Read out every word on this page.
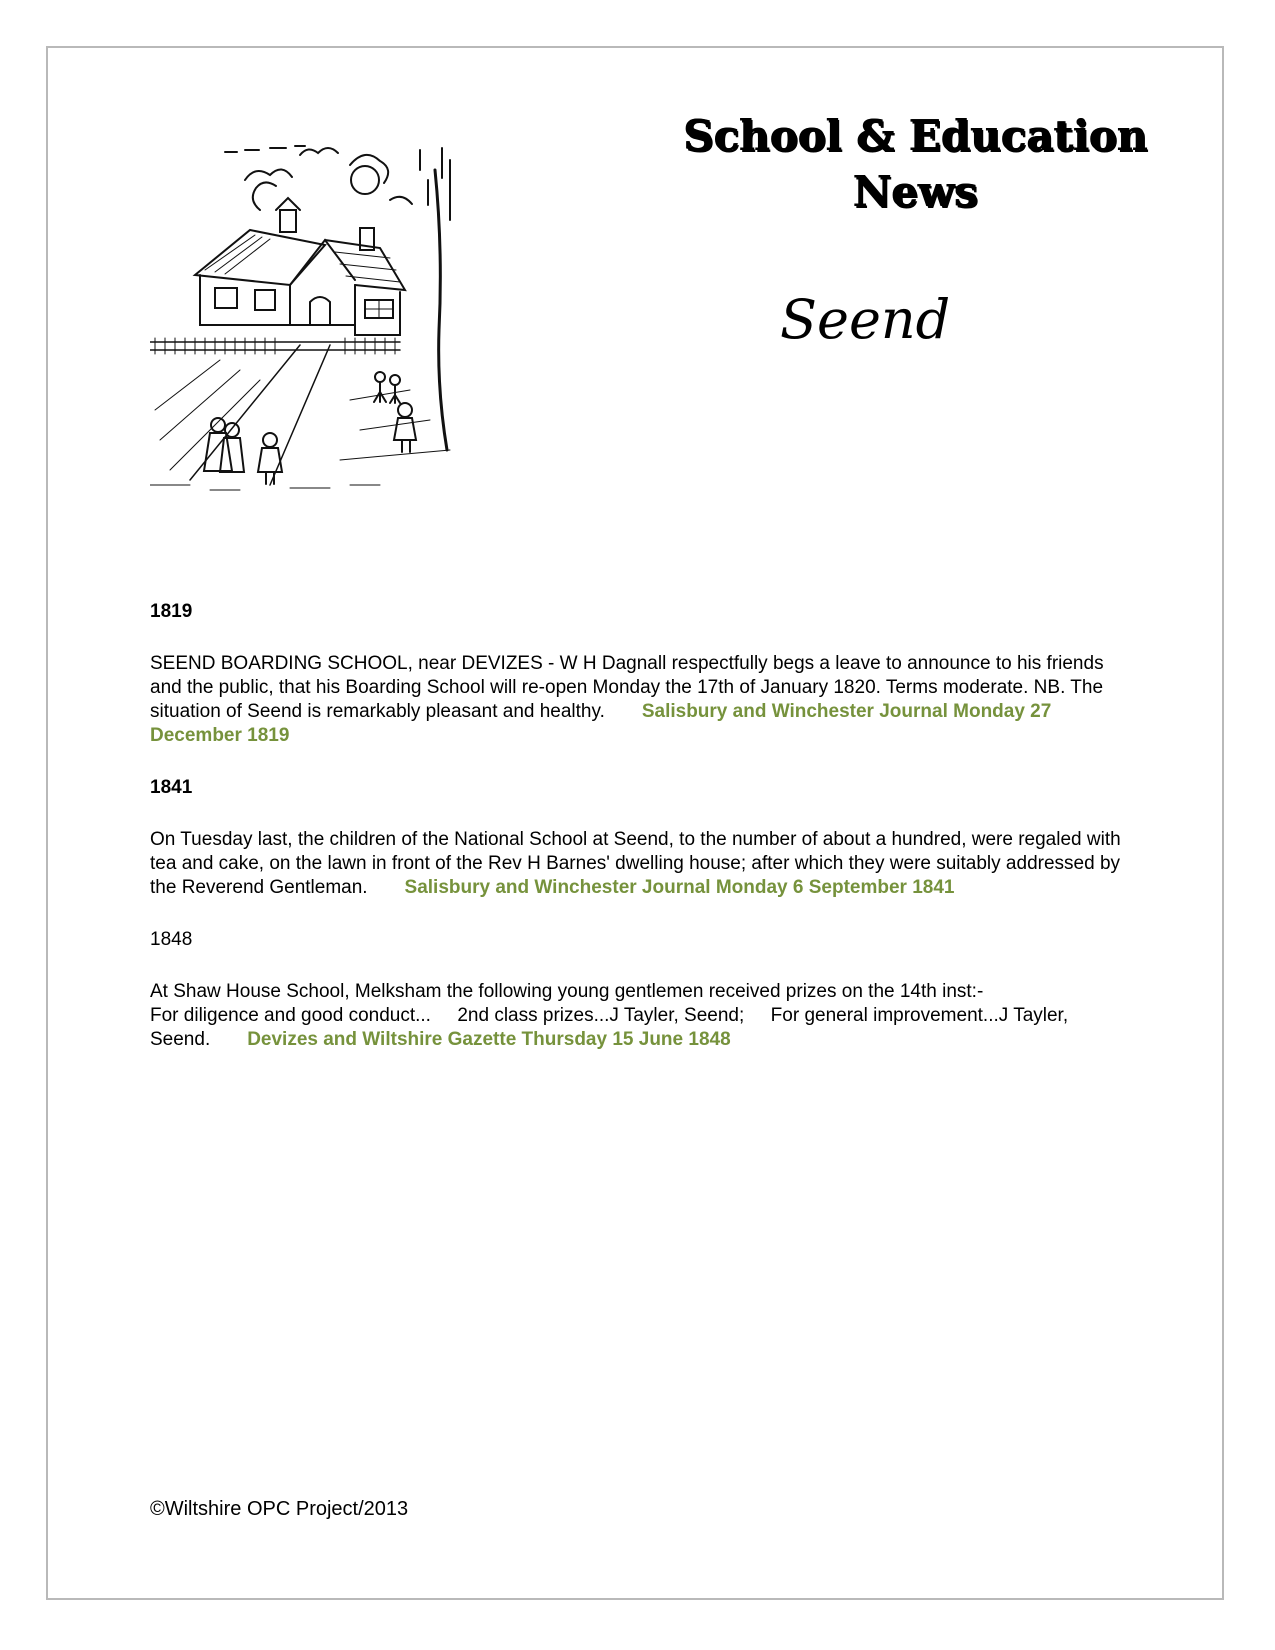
School & Education
News
Seend

1819

SEEND BOARDING SCHOOL, near DEVIZES - W H Dagnall respectfully begs a leave to announce to his friends and the public, that his Boarding School will re-open Monday the 17th of January 1820. Terms moderate. NB. The situation of Seend is remarkably pleasant and healthy. Salisbury and Winchester Journal Monday 27 December 1819

1841

On Tuesday last, the children of the National School at Seend, to the number of about a hundred, were regaled with tea and cake, on the lawn in front of the Rev H Barnes' dwelling house; after which they were suitably addressed by the Reverend Gentleman. Salisbury and Winchester Journal Monday 6 September 1841

1848

At Shaw House School, Melksham the following young gentlemen received prizes on the 14th inst:-
For diligence and good conduct...     2nd class prizes...J Tayler, Seend;     For general improvement...J Tayler, Seend. Devizes and Wiltshire Gazette Thursday 15 June 1848

©Wiltshire OPC Project/2013
